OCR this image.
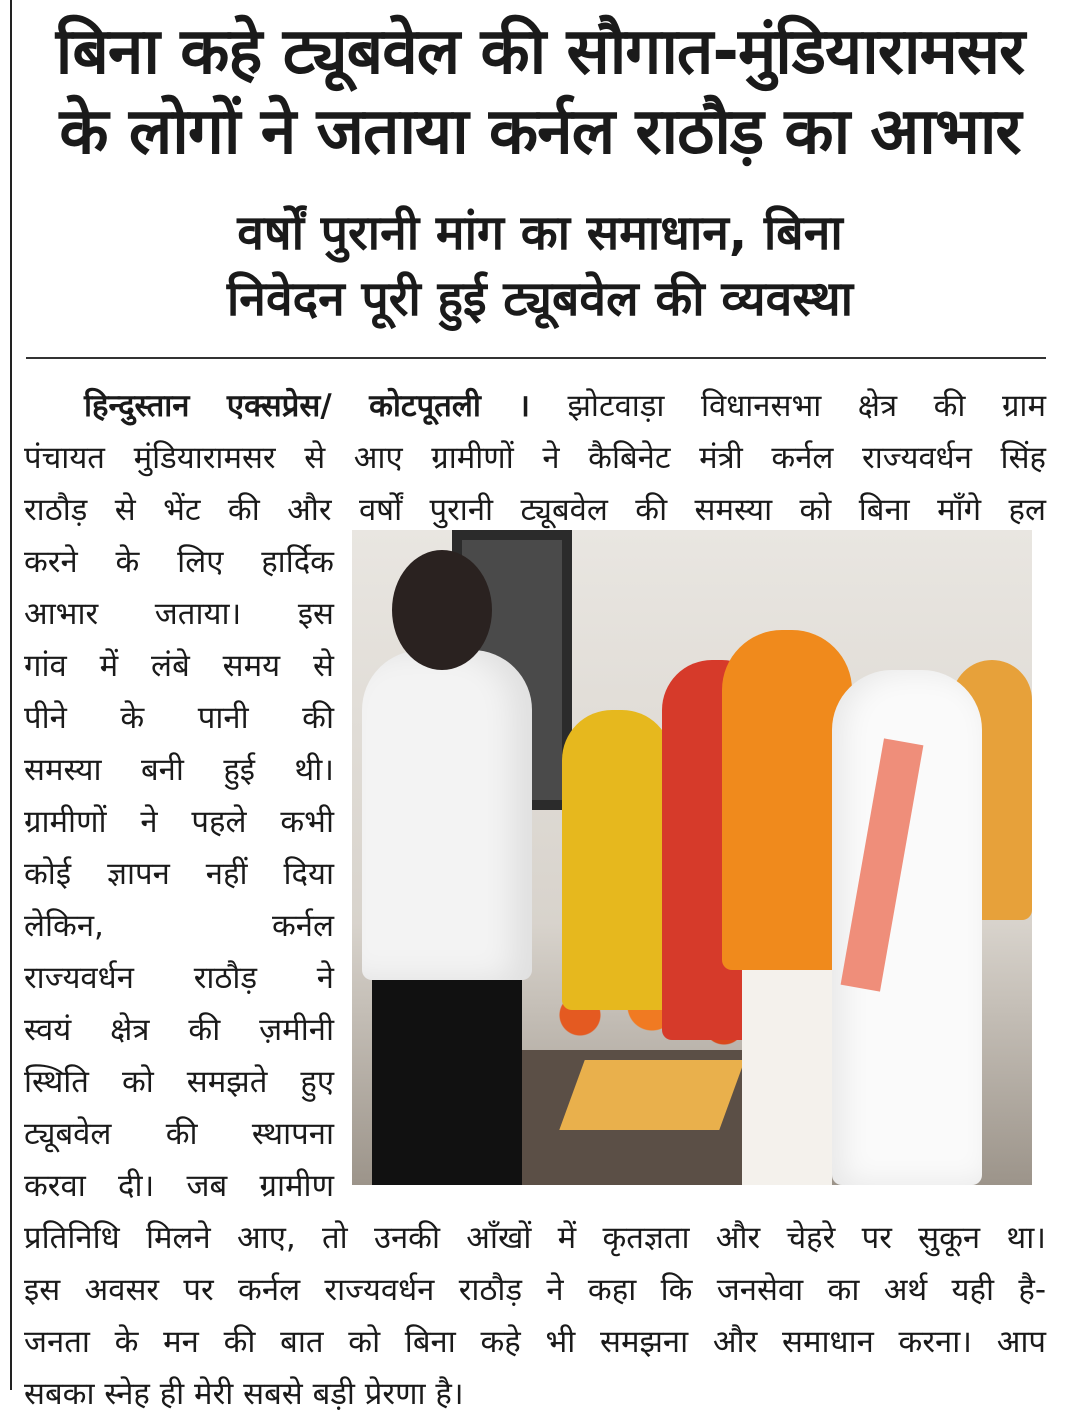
बिना कहे ट्यूबवेल की सौगात-मुंडियारामसर
के लोगों ने जताया कर्नल राठौड़ का आभार
वर्षों पुरानी मांग का समाधान, बिना
निवेदन पूरी हुई ट्यूबवेल की व्यवस्था
हिन्दुस्तान एक्सप्रेस/ कोटपूतली । झोटवाड़ा विधानसभा क्षेत्र की ग्राम
पंचायत मुंडियारामसर से आए ग्रामीणों ने कैबिनेट मंत्री कर्नल राज्यवर्धन सिंह
राठौड़ से भेंट की और वर्षों पुरानी ट्यूबवेल की समस्या को बिना माँगे हल
करने के लिए हार्दिक
आभार जताया। इस
गांव में लंबे समय से
पीने के पानी की
समस्या बनी हुई थी।
ग्रामीणों ने पहले कभी
कोई ज्ञापन नहीं दिया
लेकिन, कर्नल
राज्यवर्धन राठौड़ ने
स्वयं क्षेत्र की ज़मीनी
स्थिति को समझते हुए
ट्यूबवेल की स्थापना
करवा दी। जब ग्रामीण
प्रतिनिधि मिलने आए, तो उनकी आँखों में कृतज्ञता और चेहरे पर सुकून था।
इस अवसर पर कर्नल राज्यवर्धन राठौड़ ने कहा कि जनसेवा का अर्थ यही है-
जनता के मन की बात को बिना कहे भी समझना और समाधान करना। आप
सबका स्नेह ही मेरी सबसे बड़ी प्रेरणा है।
